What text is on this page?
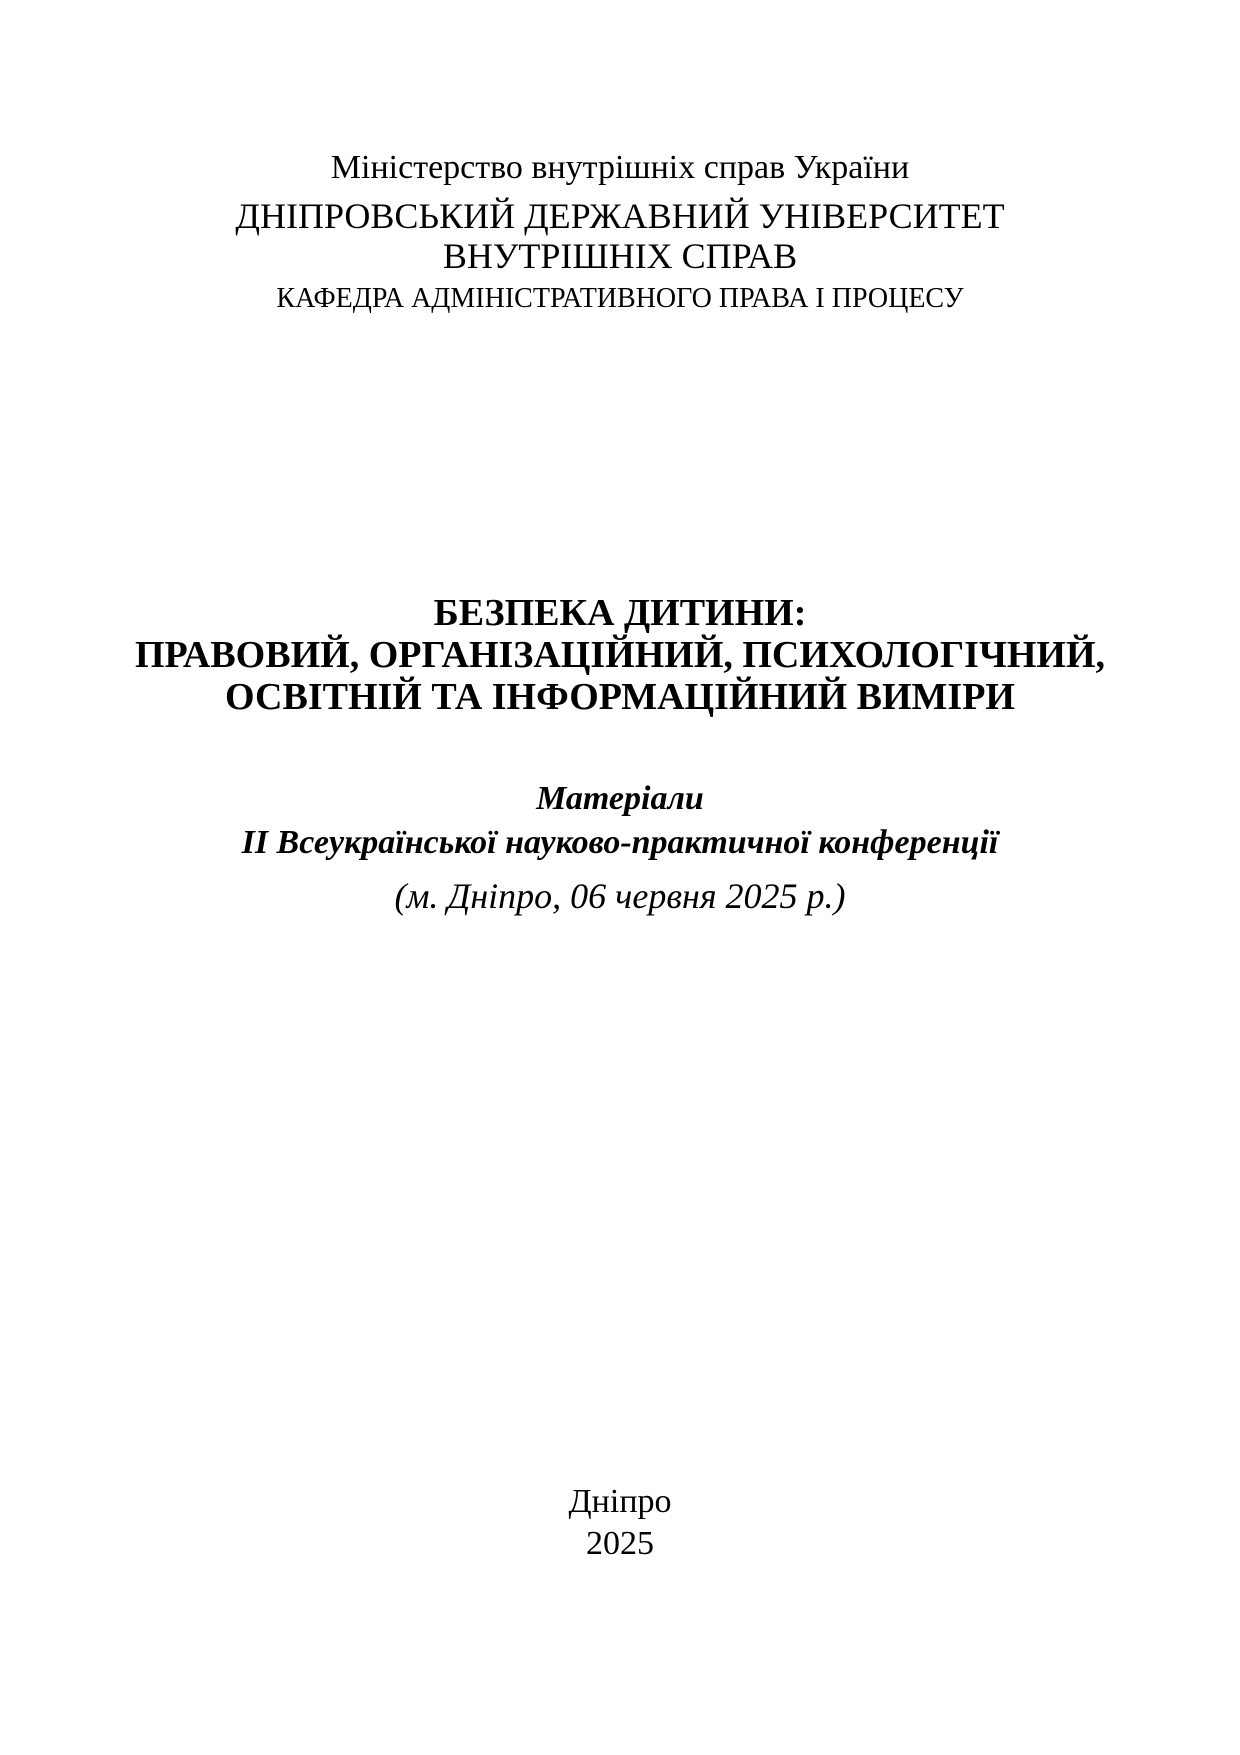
Міністерство внутрішніх справ України
ДНІПРОВСЬКИЙ ДЕРЖАВНИЙ УНІВЕРСИТЕТ
ВНУТРІШНІХ СПРАВ
КАФЕДРА АДМІНІСТРАТИВНОГО ПРАВА І ПРОЦЕСУ
БЕЗПЕКА ДИТИНИ:
ПРАВОВИЙ, ОРГАНІЗАЦІЙНИЙ, ПСИХОЛОГІЧНИЙ,
ОСВІТНІЙ ТА ІНФОРМАЦІЙНИЙ ВИМІРИ
Матеріали
ІІ Всеукраїнської науково-практичної конференції
(м. Дніпро, 06 червня 2025 р.)
Дніпро
2025
